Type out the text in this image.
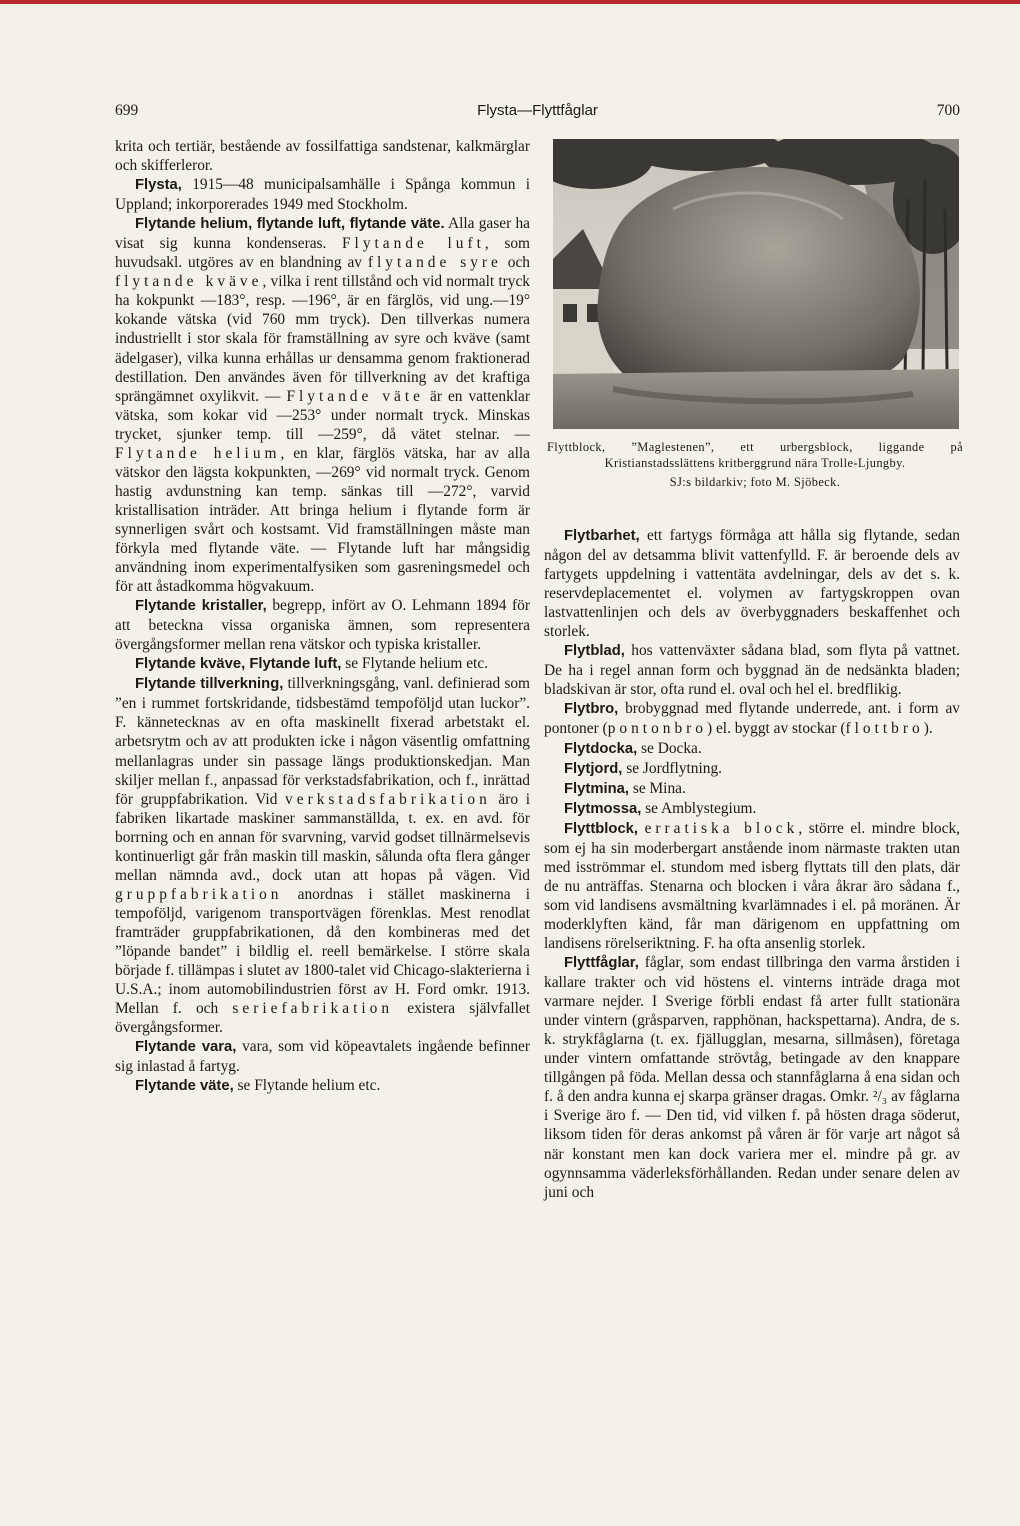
699	Flysta—Flyttfåglar	700

krita och tertiär, bestående av fossilfattiga sandstenar, kalkmärglar och skifferleror.

Flysta, 1915—48 municipalsamhälle i Spånga kommun i Uppland; inkorporerades 1949 med Stockholm.

Flytande helium, flytande luft, flytande väte. Alla gaser ha visat sig kunna kondenseras. Flytande luft, som huvudsakl. utgöres av en blandning av flytande syre och flytande kväve, vilka i rent tillstånd och vid normalt tryck ha kokpunkt —183°, resp. —196°, är en färglös, vid ung.—19° kokande vätska (vid 760 mm tryck). Den tillverkas numera industriellt i stor skala för framställning av syre och kväve (samt ädelgaser), vilka kunna erhållas ur densamma genom fraktionerad destillation. Den användes även för tillverkning av det kraftiga sprängämnet oxylikvit. — Flytande väte är en vattenklar vätska, som kokar vid —253° under normalt tryck. Minskas trycket, sjunker temp. till —259°, då vätet stelnar. — Flytande helium, en klar, färglös vätska, har av alla vätskor den lägsta kokpunkten, —269° vid normalt tryck. Genom hastig avdunstning kan temp. sänkas till —272°, varvid kristallisation inträder. Att bringa helium i flytande form är synnerligen svårt och kostsamt. Vid framställningen måste man förkyla med flytande väte. — Flytande luft har mångsidig användning inom experimentalfysiken som gasreningsmedel och för att åstadkomma högvakuum.

Flytande kristaller, begrepp, infört av O. Lehmann 1894 för att beteckna vissa organiska ämnen, som representera övergångsformer mellan rena vätskor och typiska kristaller.

Flytande kväve, Flytande luft, se Flytande helium etc.

Flytande tillverkning, tillverkningsgång, vanl. definierad som ”en i rummet fortskridande, tidsbestämd tempoföljd utan luckor”. F. kännetecknas av en ofta maskinellt fixerad arbetstakt el. arbetsrytm och av att produkten icke i någon väsentlig omfattning mellanlagras under sin passage längs produktionskedjan. Man skiljer mellan f., anpassad för verkstadsfabrikation, och f., inrättad för gruppfabrikation. Vid verkstadsfabrikation äro i fabriken likartade maskiner sammanställda, t. ex. en avd. för borrning och en annan för svarvning, varvid godset tillnärmelsevis kontinuerligt går från maskin till maskin, sålunda ofta flera gånger mellan nämnda avd., dock utan att hopas på vägen. Vid gruppfabrikation anordnas i stället maskinerna i tempoföljd, varigenom transportvägen förenklas. Mest renodlat framträder gruppfabrikationen, då den kombineras med det ”löpande bandet” i bildlig el. reell bemärkelse. I större skala började f. tillämpas i slutet av 1800-talet vid Chicago-slakterierna i U.S.A.; inom automobilindustrien först av H. Ford omkr. 1913. Mellan f. och seriefabrikation existera självfallet övergångsformer.

Flytande vara, vara, som vid köpeavtalets ingående befinner sig inlastad å fartyg.

Flytande väte, se Flytande helium etc.

Flyttblock, ”Maglestenen”, ett urbergsblock, liggande på Kristianstadsslättens kritberggrund nära Trolle-Ljungby.

SJ:s bildarkiv; foto M. Sjöbeck.

Flytbarhet, ett fartygs förmåga att hålla sig flytande, sedan någon del av detsamma blivit vattenfylld. F. är beroende dels av fartygets uppdelning i vattentäta avdelningar, dels av det s. k. reservdeplacementet el. volymen av fartygskroppen ovan lastvattenlinjen och dels av överbyggnaders beskaffenhet och storlek.

Flytblad, hos vattenväxter sådana blad, som flyta på vattnet. De ha i regel annan form och byggnad än de nedsänkta bladen; bladskivan är stor, ofta rund el. oval och hel el. bredflikig.

Flytbro, brobyggnad med flytande underrede, ant. i form av pontoner (pontonbro) el. byggt av stockar (flottbro).

Flytdocka, se Docka.

Flytjord, se Jordflytning.

Flytmina, se Mina.

Flytmossa, se Amblystegium.

Flyttblock, erratiska block, större el. mindre block, som ej ha sin moderbergart anstående inom närmaste trakten utan med isströmmar el. stundom med isberg flyttats till den plats, där de nu anträffas. Stenarna och blocken i våra åkrar äro sådana f., som vid landisens avsmältning kvarlämnades i el. på moränen. Är moderklyften känd, får man därigenom en uppfattning om landisens rörelseriktning. F. ha ofta ansenlig storlek.

Flyttfåglar, fåglar, som endast tillbringa den varma årstiden i kallare trakter och vid höstens el. vinterns inträde draga mot varmare nejder. I Sverige förbli endast få arter fullt stationära under vintern (gråsparven, rapphönan, hackspettarna). Andra, de s. k. strykfåglarna (t. ex. fjällugglan, mesarna, sillmåsen), företaga under vintern omfattande strövtåg, betingade av den knappare tillgången på föda. Mellan dessa och stannfåglarna å ena sidan och f. å den andra kunna ej skarpa gränser dragas. Omkr. ²/₃ av fåglarna i Sverige äro f. — Den tid, vid vilken f. på hösten draga söderut, liksom tiden för deras ankomst på våren är för varje art något så när konstant men kan dock variera mer el. mindre på gr. av ogynnsamma väderleksförhållanden. Redan under senare delen av juni och
